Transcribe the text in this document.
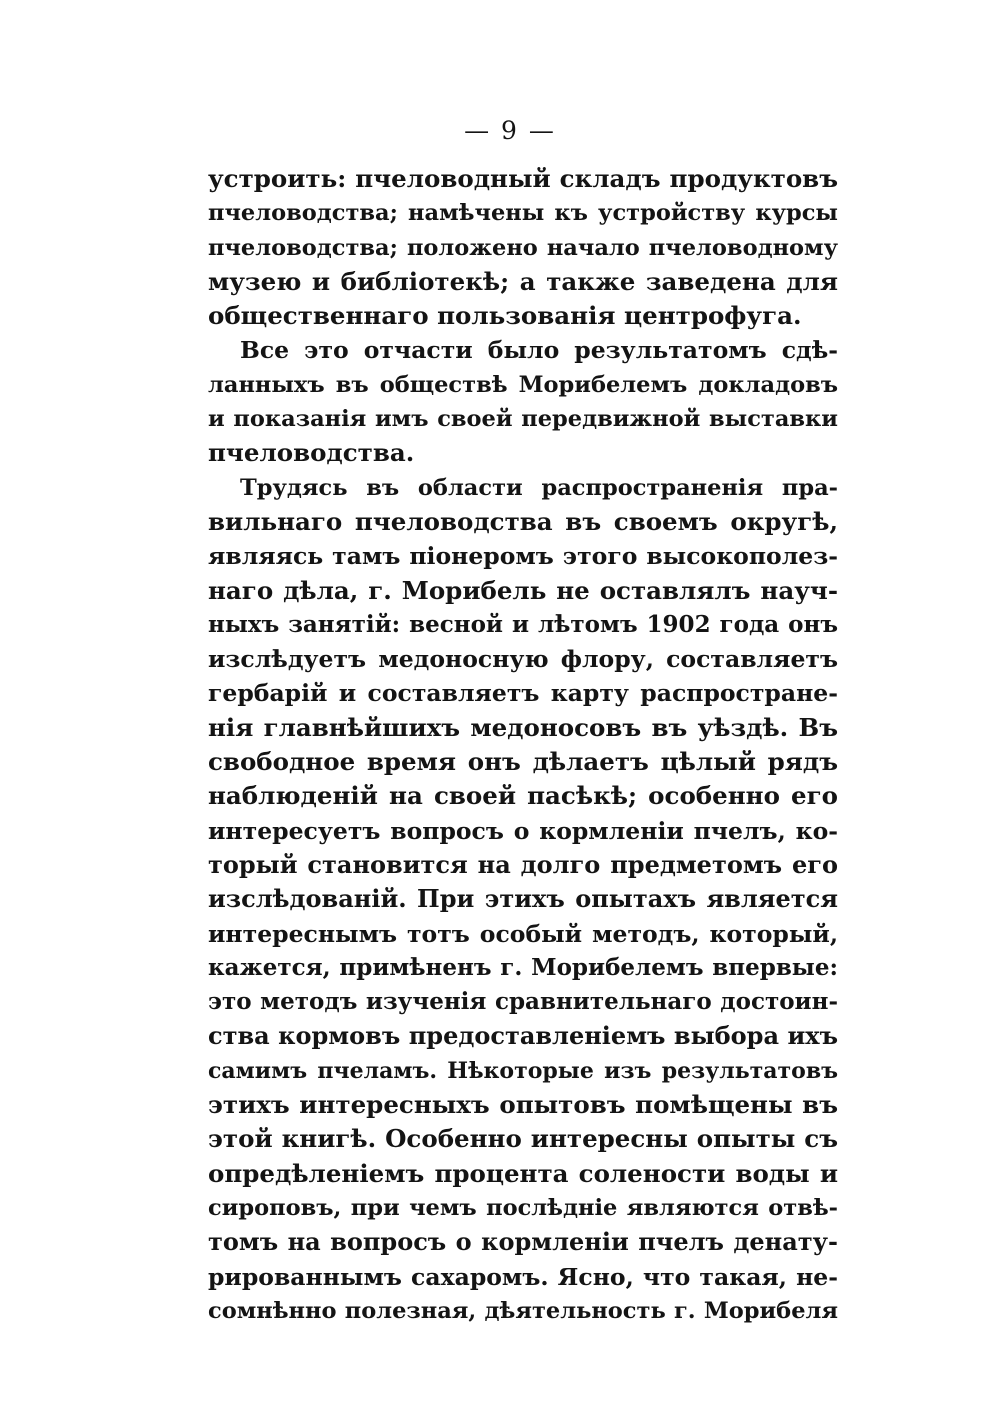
— 9 —
устроить: пчеловодный складъ продуктовъ
пчеловодства; намѣчены къ устройству курсы
пчеловодства; положено начало пчеловодному
музею и библіотекѣ; а также заведена для
общественнаго пользованія центрофуга.
Все это отчасти было результатомъ сдѣ-
ланныхъ въ обществѣ Морибелемъ докладовъ
и показанія имъ своей передвижной выставки
пчеловодства.
Трудясь въ области распространенія пра-
вильнаго пчеловодства въ своемъ округѣ,
являясь тамъ піонеромъ этого высокополез-
наго дѣла, г. Морибель не оставлялъ науч-
ныхъ занятій: весной и лѣтомъ 1902 года онъ
изслѣдуетъ медоносную флору, составляетъ
гербарій и составляетъ карту распростране-
нія главнѣйшихъ медоносовъ въ уѣздѣ. Въ
свободное время онъ дѣлаетъ цѣлый рядъ
наблюденій на своей пасѣкѣ; особенно его
интересуетъ вопросъ о кормленіи пчелъ, ко-
торый становится на долго предметомъ его
изслѣдованій. При этихъ опытахъ является
интереснымъ тотъ особый методъ, который,
кажется, примѣненъ г. Морибелемъ впервые:
это методъ изученія сравнительнаго достоин-
ства кормовъ предоставленіемъ выбора ихъ
самимъ пчеламъ. Нѣкоторые изъ результатовъ
этихъ интересныхъ опытовъ помѣщены въ
этой книгѣ. Особенно интересны опыты съ
опредѣленіемъ процента солености воды и
сироповъ, при чемъ послѣдніе являются отвѣ-
томъ на вопросъ о кормленіи пчелъ денату-
рированнымъ сахаромъ. Ясно, что такая, не-
сомнѣнно полезная, дѣятельность г. Морибеля
